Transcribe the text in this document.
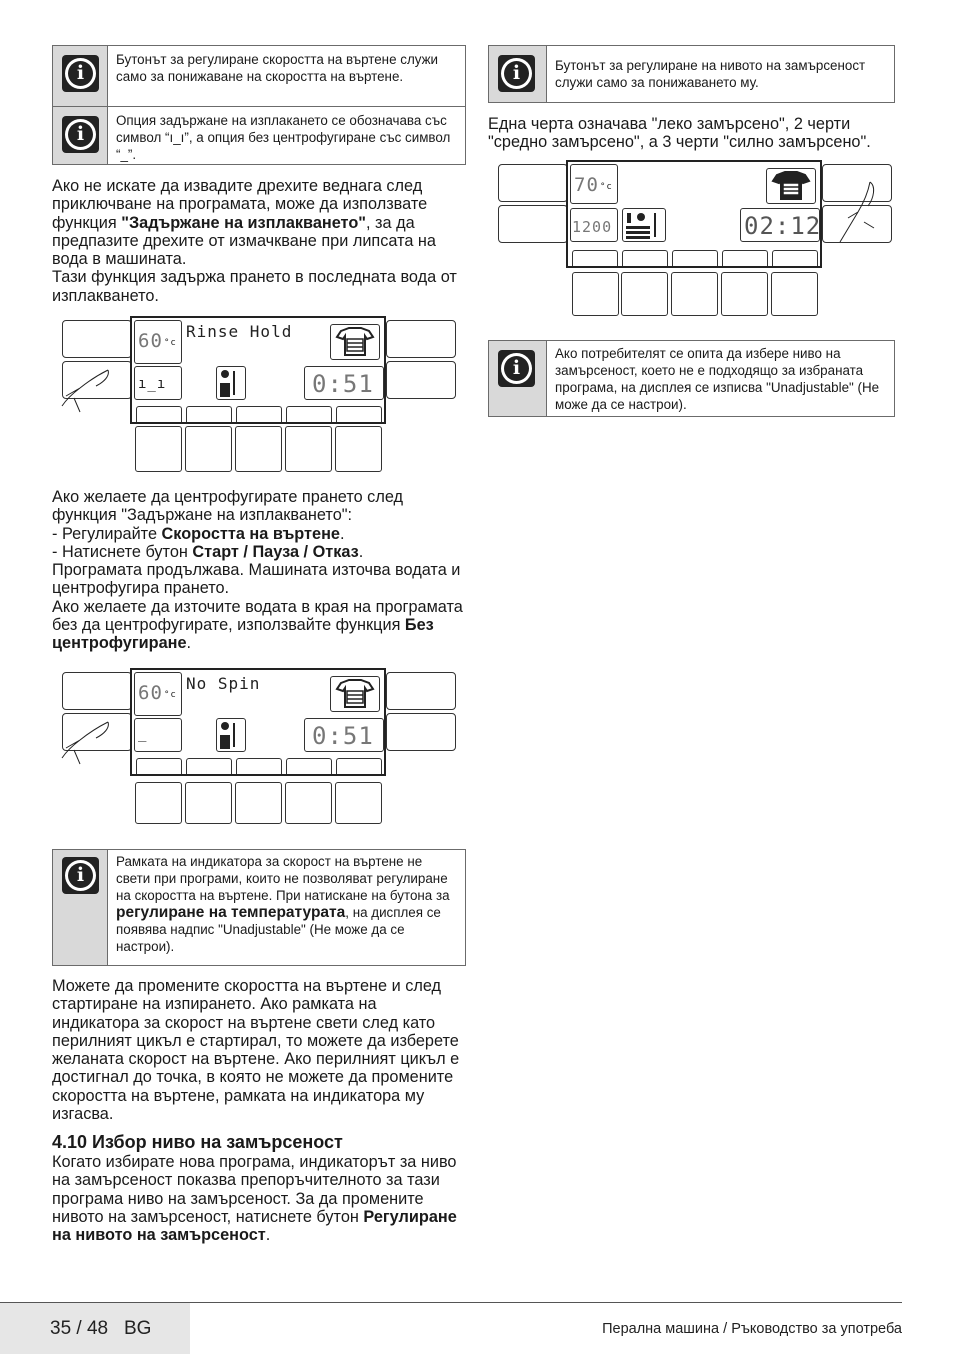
i
Бутонът за регулиране скоростта на въртене служи само за понижаване на скоростта на въртене.
i
Опция задържане на изплакането се обозначава със символ “ı_ı”, а опция без центрофугиране със символ “_”.
Ако не искате да извадите дрехите веднага след приключване на програмата, може да използвате функция "Задържане на изплакването", за да предпазите дрехите от измачкване при липсата на вода в машината.
Тази функция задържа прането в последната вода от изплакването.
60 °c
Rinse Hold
ı_ı	0:51
Ако желаете да центрофугирате прането след функция "Задържане на изплакването":
- Регулирайте Скоростта на въртене.
- Натиснете бутон Старт / Пауза / Отказ.
Програмата продължава. Машината източва водата и центрофугира прането.
Ако желаете да източите водата в края на програмата без да центрофугирате, използвайте функция Без центрофугиране.
60 °c
No Spin
_	0:51
i
Рамката на индикатора за скорост на въртене не свети при програми, които не позволяват регулиране на скоростта на въртене. При натискане на бутона за регулиране на температурата, на дисплея се появява надпис "Unadjustable" (Не може да се настрои).
Можете да промените скоростта на въртене и след стартиране на изпирането. Ако рамката на индикатора за скорост на въртене свети след като перилният цикъл е стартирал, то можете да изберете желаната скорост на въртене. Ако перилният цикъл е достигнал до точка, в която не можете да промените скоростта на въртене, рамката на индикатора му изгасва.
4.10 Избор ниво на замърсеност
Когато избирате нова програма, индикаторът за ниво на замърсеност показва препоръчителното за тази програма ниво на замърсеност. За да промените нивото на замърсеност, натиснете бутон Регулиране на нивото на замърсеност.
i	Бутонът за регулиране на нивото на замърсеност служи само за понижаването му.
Една черта означава "леко замърсено", 2 черти "средно замърсено", а 3 черти "силно замърсено".
70 °c
1200	02:12
i
Ако потребителят се опита да избере ниво на замърсеност, което не е подходящо за избраната програма, на дисплея се изписва "Unadjustable" (Не може да се настрои).
35 / 48 BG	Перална машина / Ръководство за употреба
